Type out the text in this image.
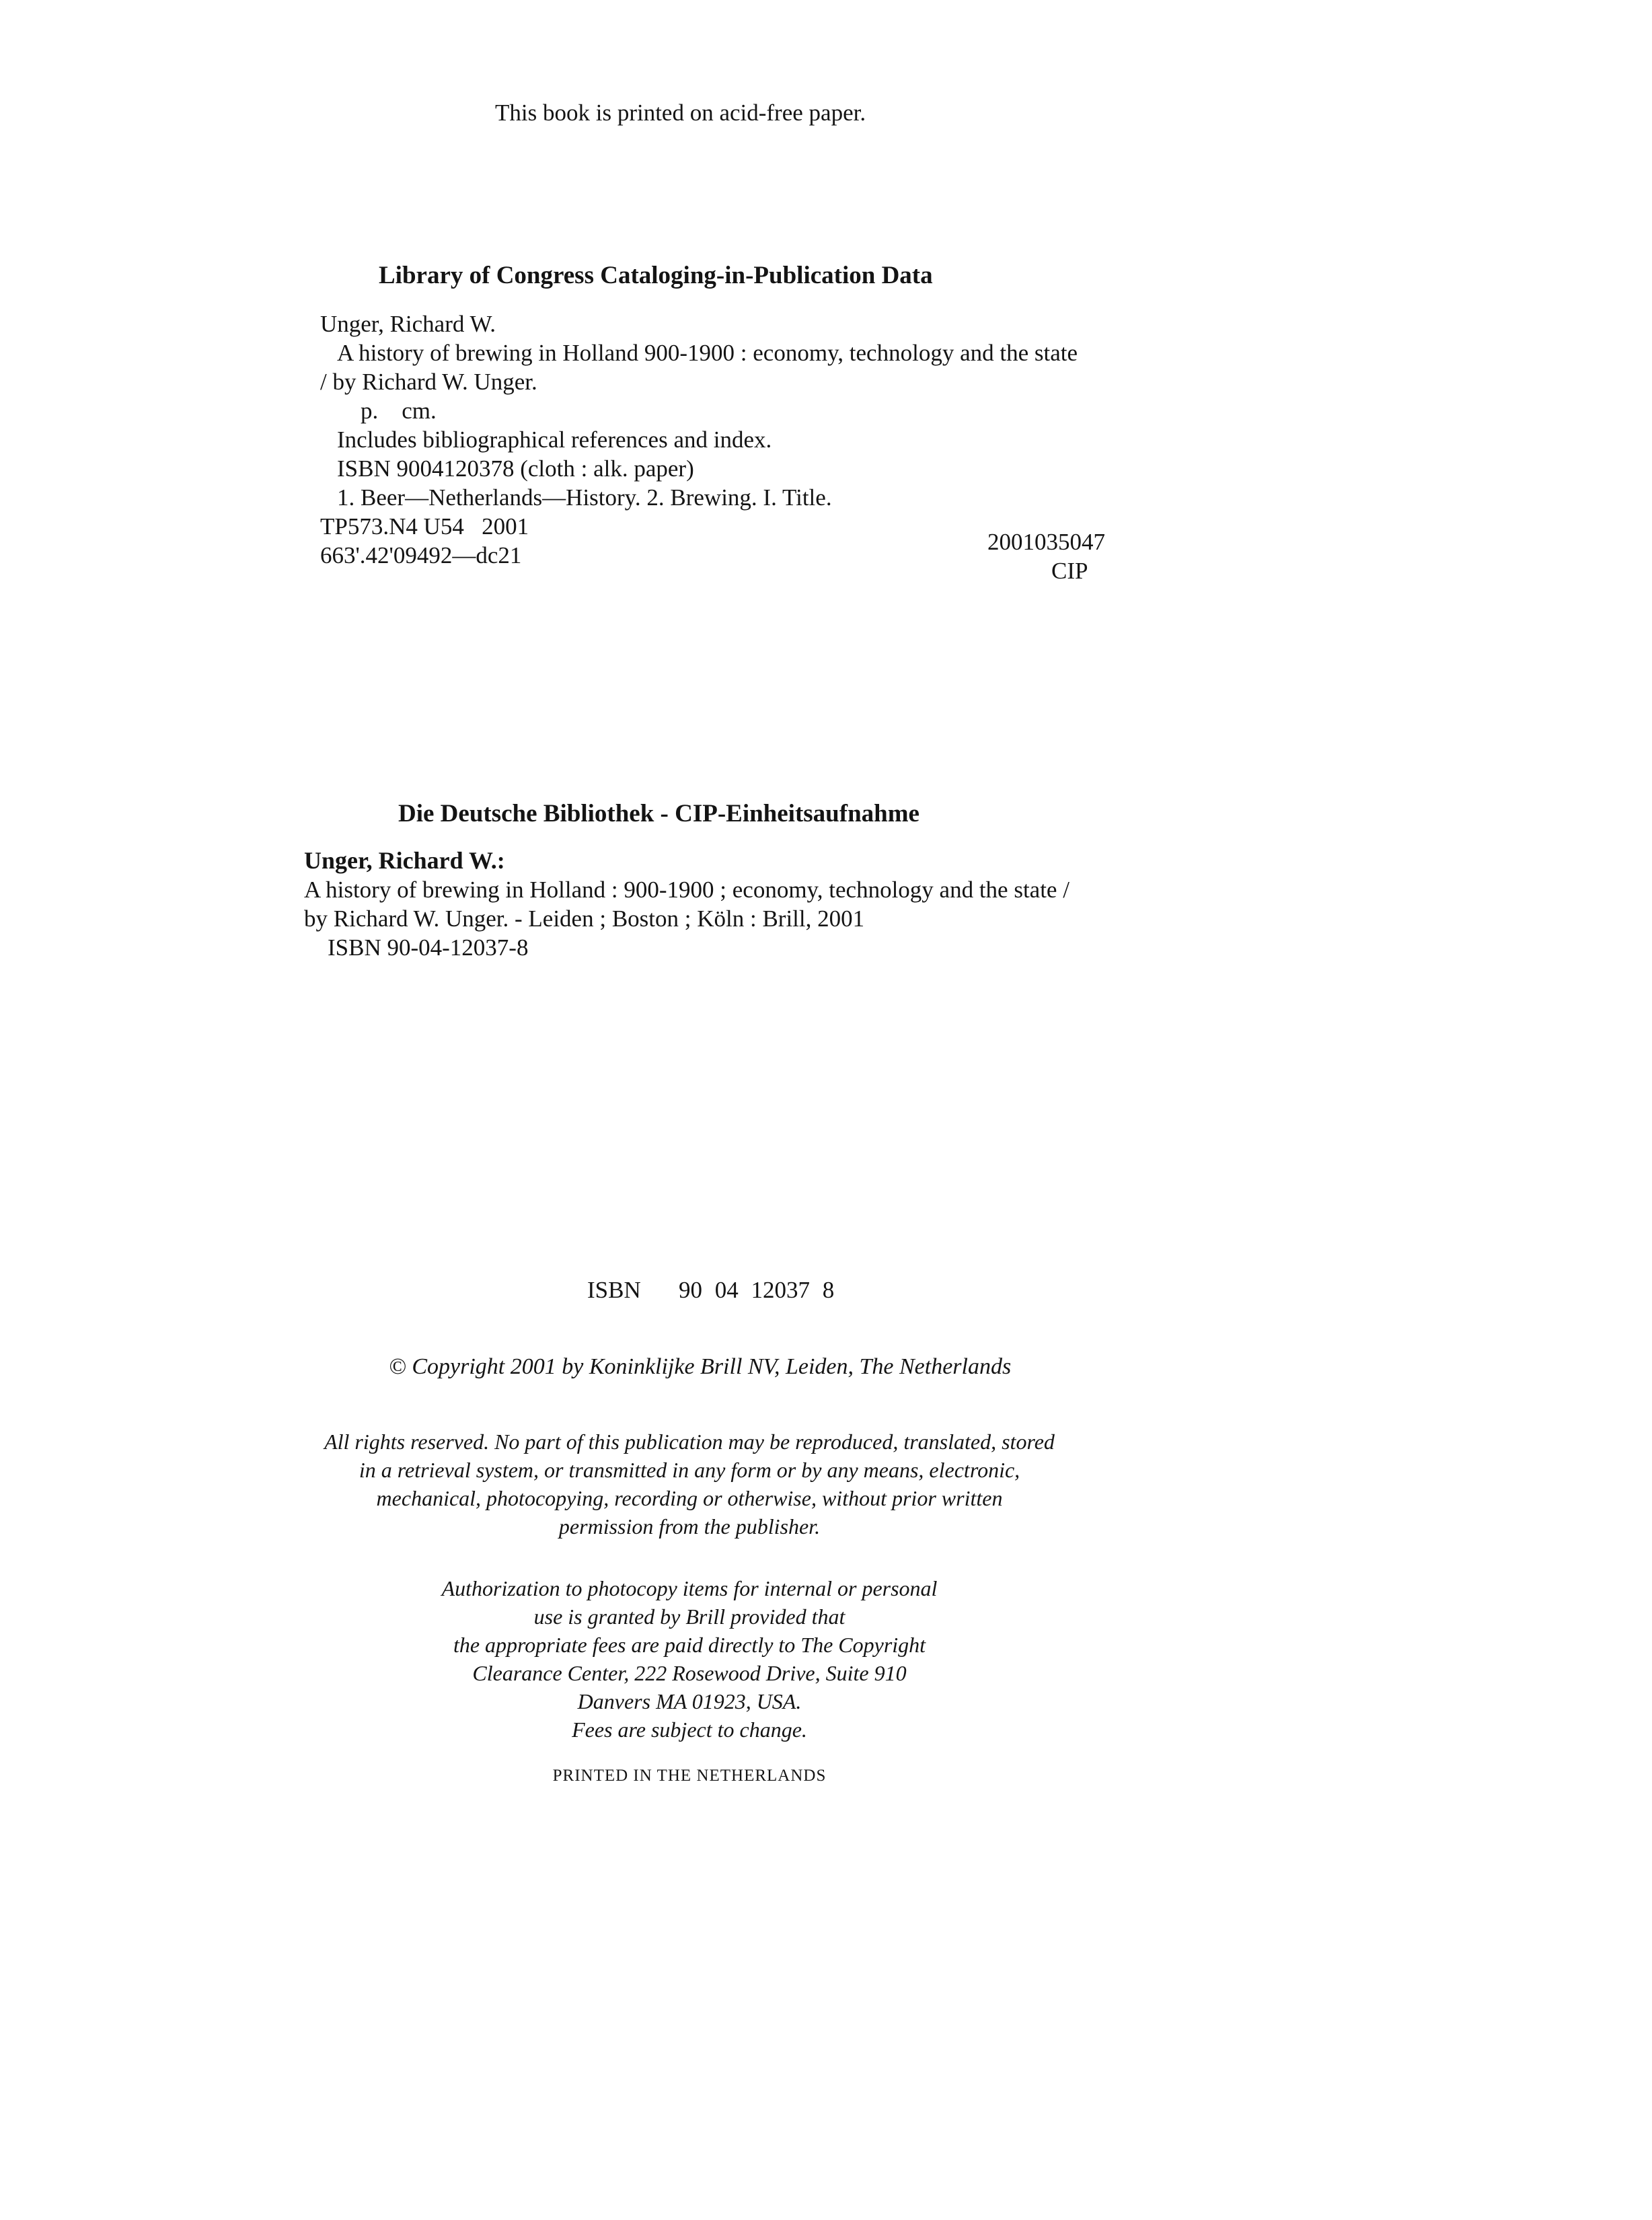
This book is printed on acid-free paper.
Library of Congress Cataloging-in-Publication Data
Unger, Richard W.
A history of brewing in Holland 900-1900 : economy, technology and the state
/ by Richard W. Unger.
p.    cm.
Includes bibliographical references and index.
ISBN 9004120378 (cloth : alk. paper)
1. Beer—Netherlands—History. 2. Brewing. I. Title.
TP573.N4 U54   2001
663'.42'09492—dc21
2001035047
CIP
Die Deutsche Bibliothek - CIP-Einheitsaufnahme
Unger, Richard W.:
A history of brewing in Holland : 900-1900 ; economy, technology and the state /
by Richard W. Unger. - Leiden ; Boston ; Köln : Brill, 2001
ISBN 90-04-12037-8
ISBN   90 04 12037 8
© Copyright 2001 by Koninklijke Brill NV, Leiden, The Netherlands
All rights reserved. No part of this publication may be reproduced, translated, stored
in a retrieval system, or transmitted in any form or by any means, electronic,
mechanical, photocopying, recording or otherwise, without prior written
permission from the publisher.
Authorization to photocopy items for internal or personal
use is granted by Brill provided that
the appropriate fees are paid directly to The Copyright
Clearance Center, 222 Rosewood Drive, Suite 910
Danvers MA 01923, USA.
Fees are subject to change.
PRINTED IN THE NETHERLANDS
